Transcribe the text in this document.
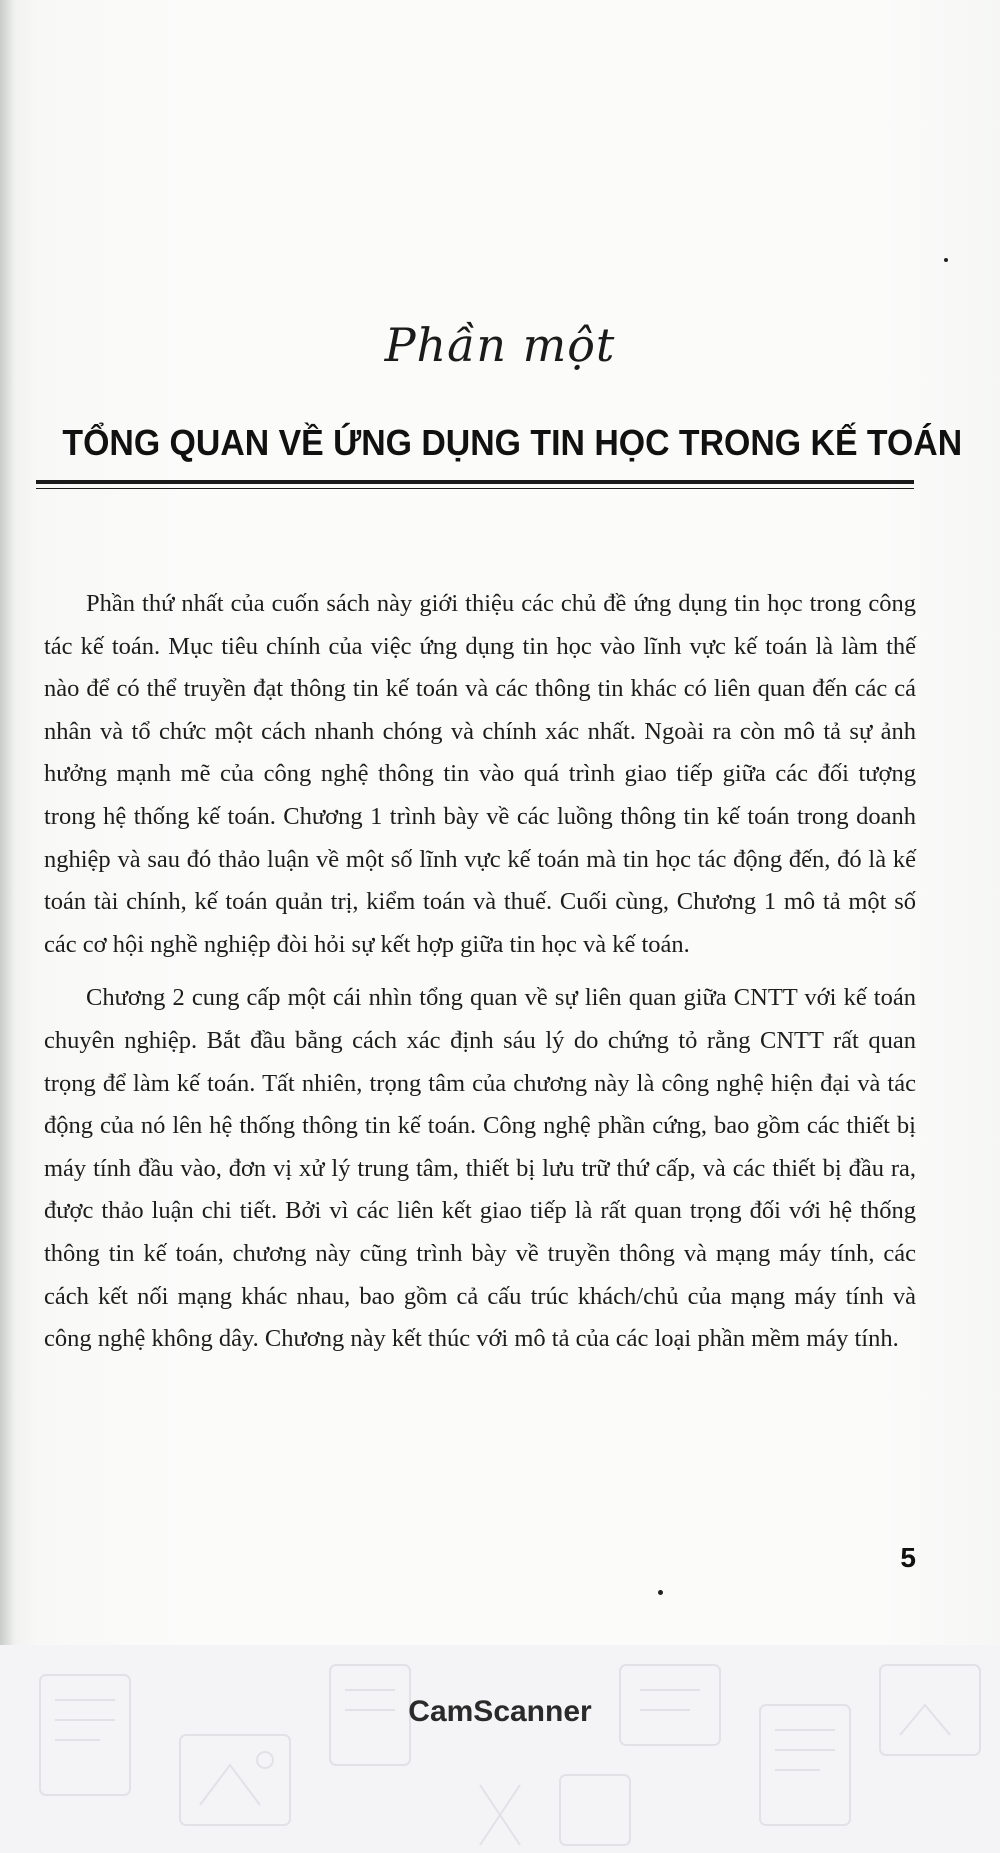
Phần một
TỔNG QUAN VỀ ỨNG DỤNG TIN HỌC TRONG KẾ TOÁN

Phần thứ nhất của cuốn sách này giới thiệu các chủ đề ứng dụng tin học trong công tác kế toán. Mục tiêu chính của việc ứng dụng tin học vào lĩnh vực kế toán là làm thế nào để có thể truyền đạt thông tin kế toán và các thông tin khác có liên quan đến các cá nhân và tổ chức một cách nhanh chóng và chính xác nhất. Ngoài ra còn mô tả sự ảnh hưởng mạnh mẽ của công nghệ thông tin vào quá trình giao tiếp giữa các đối tượng trong hệ thống kế toán. Chương 1 trình bày về các luồng thông tin kế toán trong doanh nghiệp và sau đó thảo luận về một số lĩnh vực kế toán mà tin học tác động đến, đó là kế toán tài chính, kế toán quản trị, kiểm toán và thuế. Cuối cùng, Chương 1 mô tả một số các cơ hội nghề nghiệp đòi hỏi sự kết hợp giữa tin học và kế toán.

Chương 2 cung cấp một cái nhìn tổng quan về sự liên quan giữa CNTT với kế toán chuyên nghiệp. Bắt đầu bằng cách xác định sáu lý do chứng tỏ rằng CNTT rất quan trọng để làm kế toán. Tất nhiên, trọng tâm của chương này là công nghệ hiện đại và tác động của nó lên hệ thống thông tin kế toán. Công nghệ phần cứng, bao gồm các thiết bị máy tính đầu vào, đơn vị xử lý trung tâm, thiết bị lưu trữ thứ cấp, và các thiết bị đầu ra, được thảo luận chi tiết. Bởi vì các liên kết giao tiếp là rất quan trọng đối với hệ thống thông tin kế toán, chương này cũng trình bày về truyền thông và mạng máy tính, các cách kết nối mạng khác nhau, bao gồm cả cấu trúc khách/chủ của mạng máy tính và công nghệ không dây. Chương này kết thúc với mô tả của các loại phần mềm máy tính.

5
CamScanner
